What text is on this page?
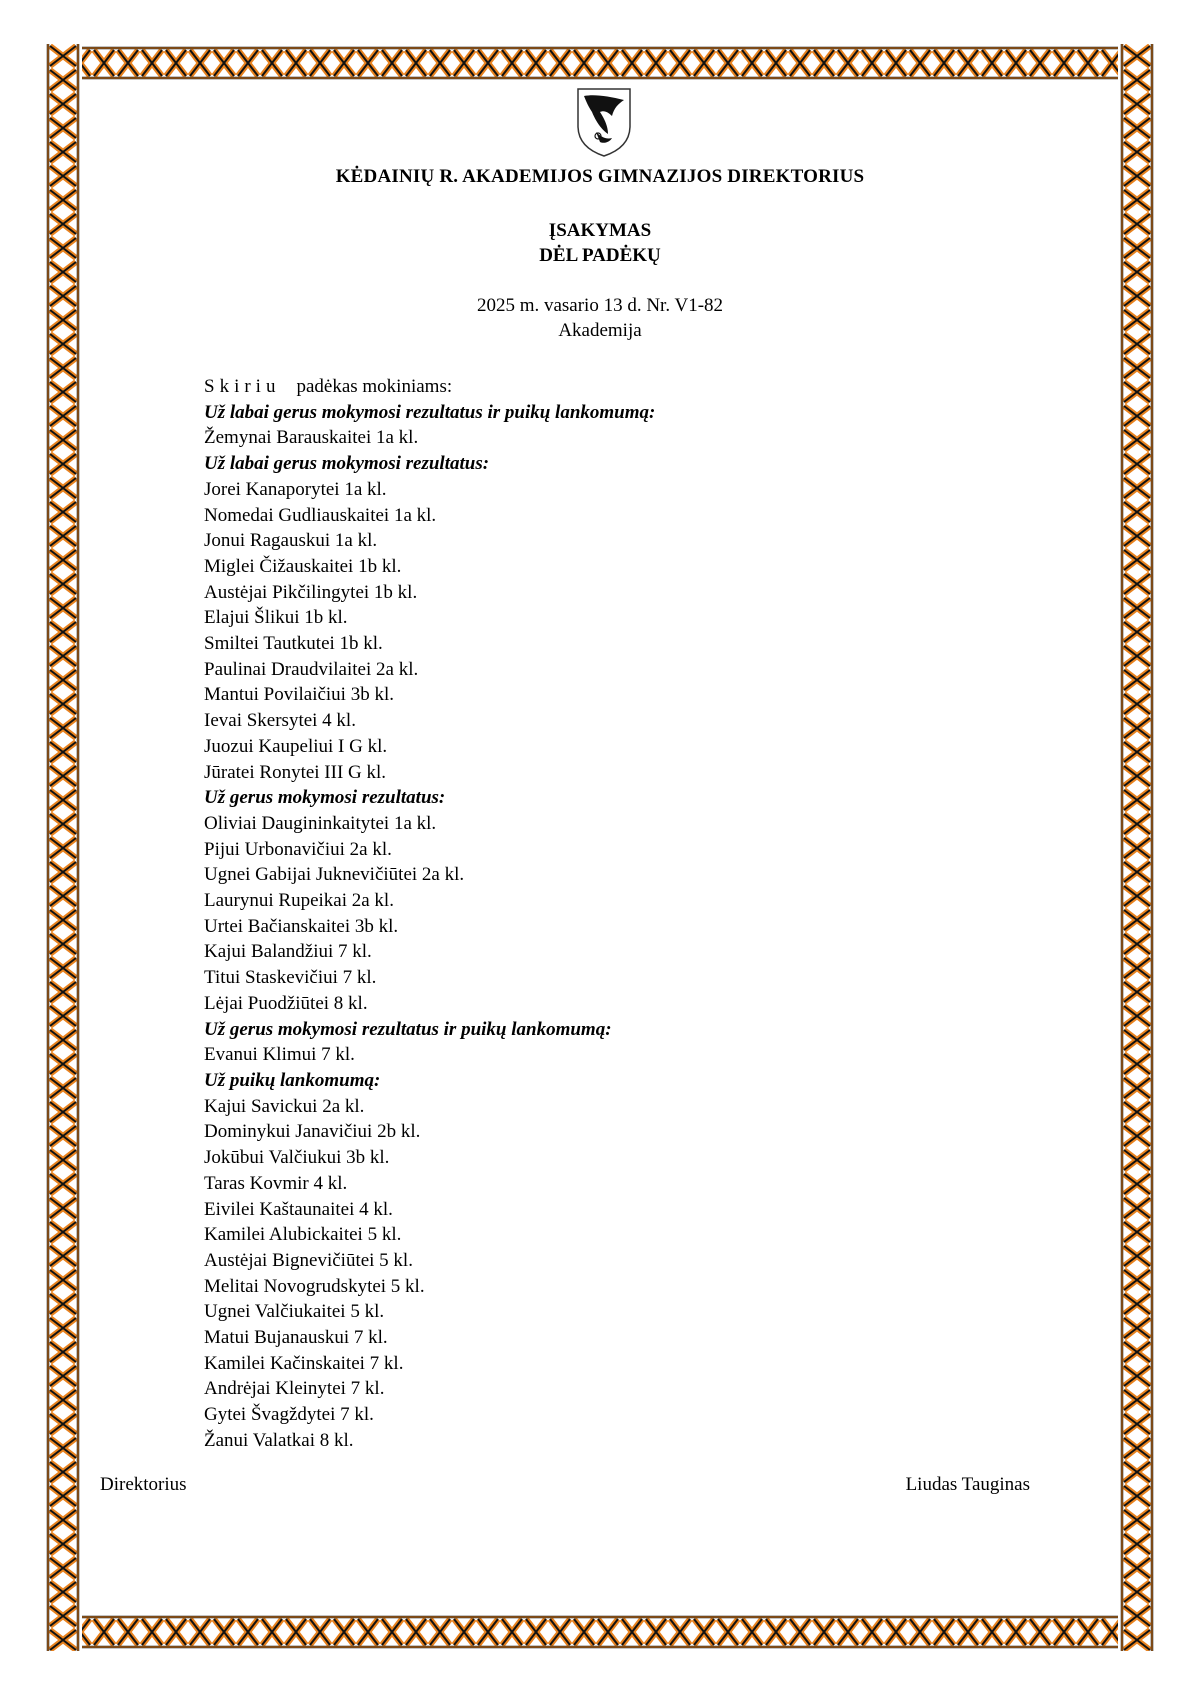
KĖDAINIŲ R. AKADEMIJOS GIMNAZIJOS DIREKTORIUS
ĮSAKYMAS
DĖL PADĖKŲ
2025 m. vasario 13 d. Nr. V1-82
Akademija
Skiriu padėkas mokiniams:
Už labai gerus mokymosi rezultatus ir puikų lankomumą:
Žemynai Barauskaitei 1a kl.
Už labai gerus mokymosi rezultatus:
Jorei Kanaporytei 1a kl.
Nomedai Gudliauskaitei 1a kl.
Jonui Ragauskui 1a kl.
Miglei Čižauskaitei 1b kl.
Austėjai Pikčilingytei 1b kl.
Elajui Šlikui 1b kl.
Smiltei Tautkutei 1b kl.
Paulinai Draudvilaitei 2a kl.
Mantui Povilaičiui 3b kl.
Ievai Skersytei 4 kl.
Juozui Kaupeliui I G kl.
Jūratei Ronytei III G kl.
Už gerus mokymosi rezultatus:
Oliviai Daugininkaitytei 1a kl.
Pijui Urbonavičiui 2a kl.
Ugnei Gabijai Juknevičiūtei 2a kl.
Laurynui Rupeikai 2a kl.
Urtei Bačianskaitei 3b kl.
Kajui Balandžiui 7 kl.
Titui Staskevičiui 7 kl.
Lėjai Puodžiūtei 8 kl.
Už gerus mokymosi rezultatus ir puikų lankomumą:
Evanui Klimui 7 kl.
Už puikų lankomumą:
Kajui Savickui 2a kl.
Dominykui Janavičiui 2b kl.
Jokūbui Valčiukui 3b kl.
Taras Kovmir 4 kl.
Eivilei Kaštaunaitei 4 kl.
Kamilei Alubickaitei 5 kl.
Austėjai Bignevičiūtei 5 kl.
Melitai Novogrudskytei 5 kl.
Ugnei Valčiukaitei 5 kl.
Matui Bujanauskui 7 kl.
Kamilei Kačinskaitei 7 kl.
Andrėjai Kleinytei 7 kl.
Gytei Švagždytei 7 kl.
Žanui Valatkai 8 kl.
Direktorius	Liudas Tauginas
